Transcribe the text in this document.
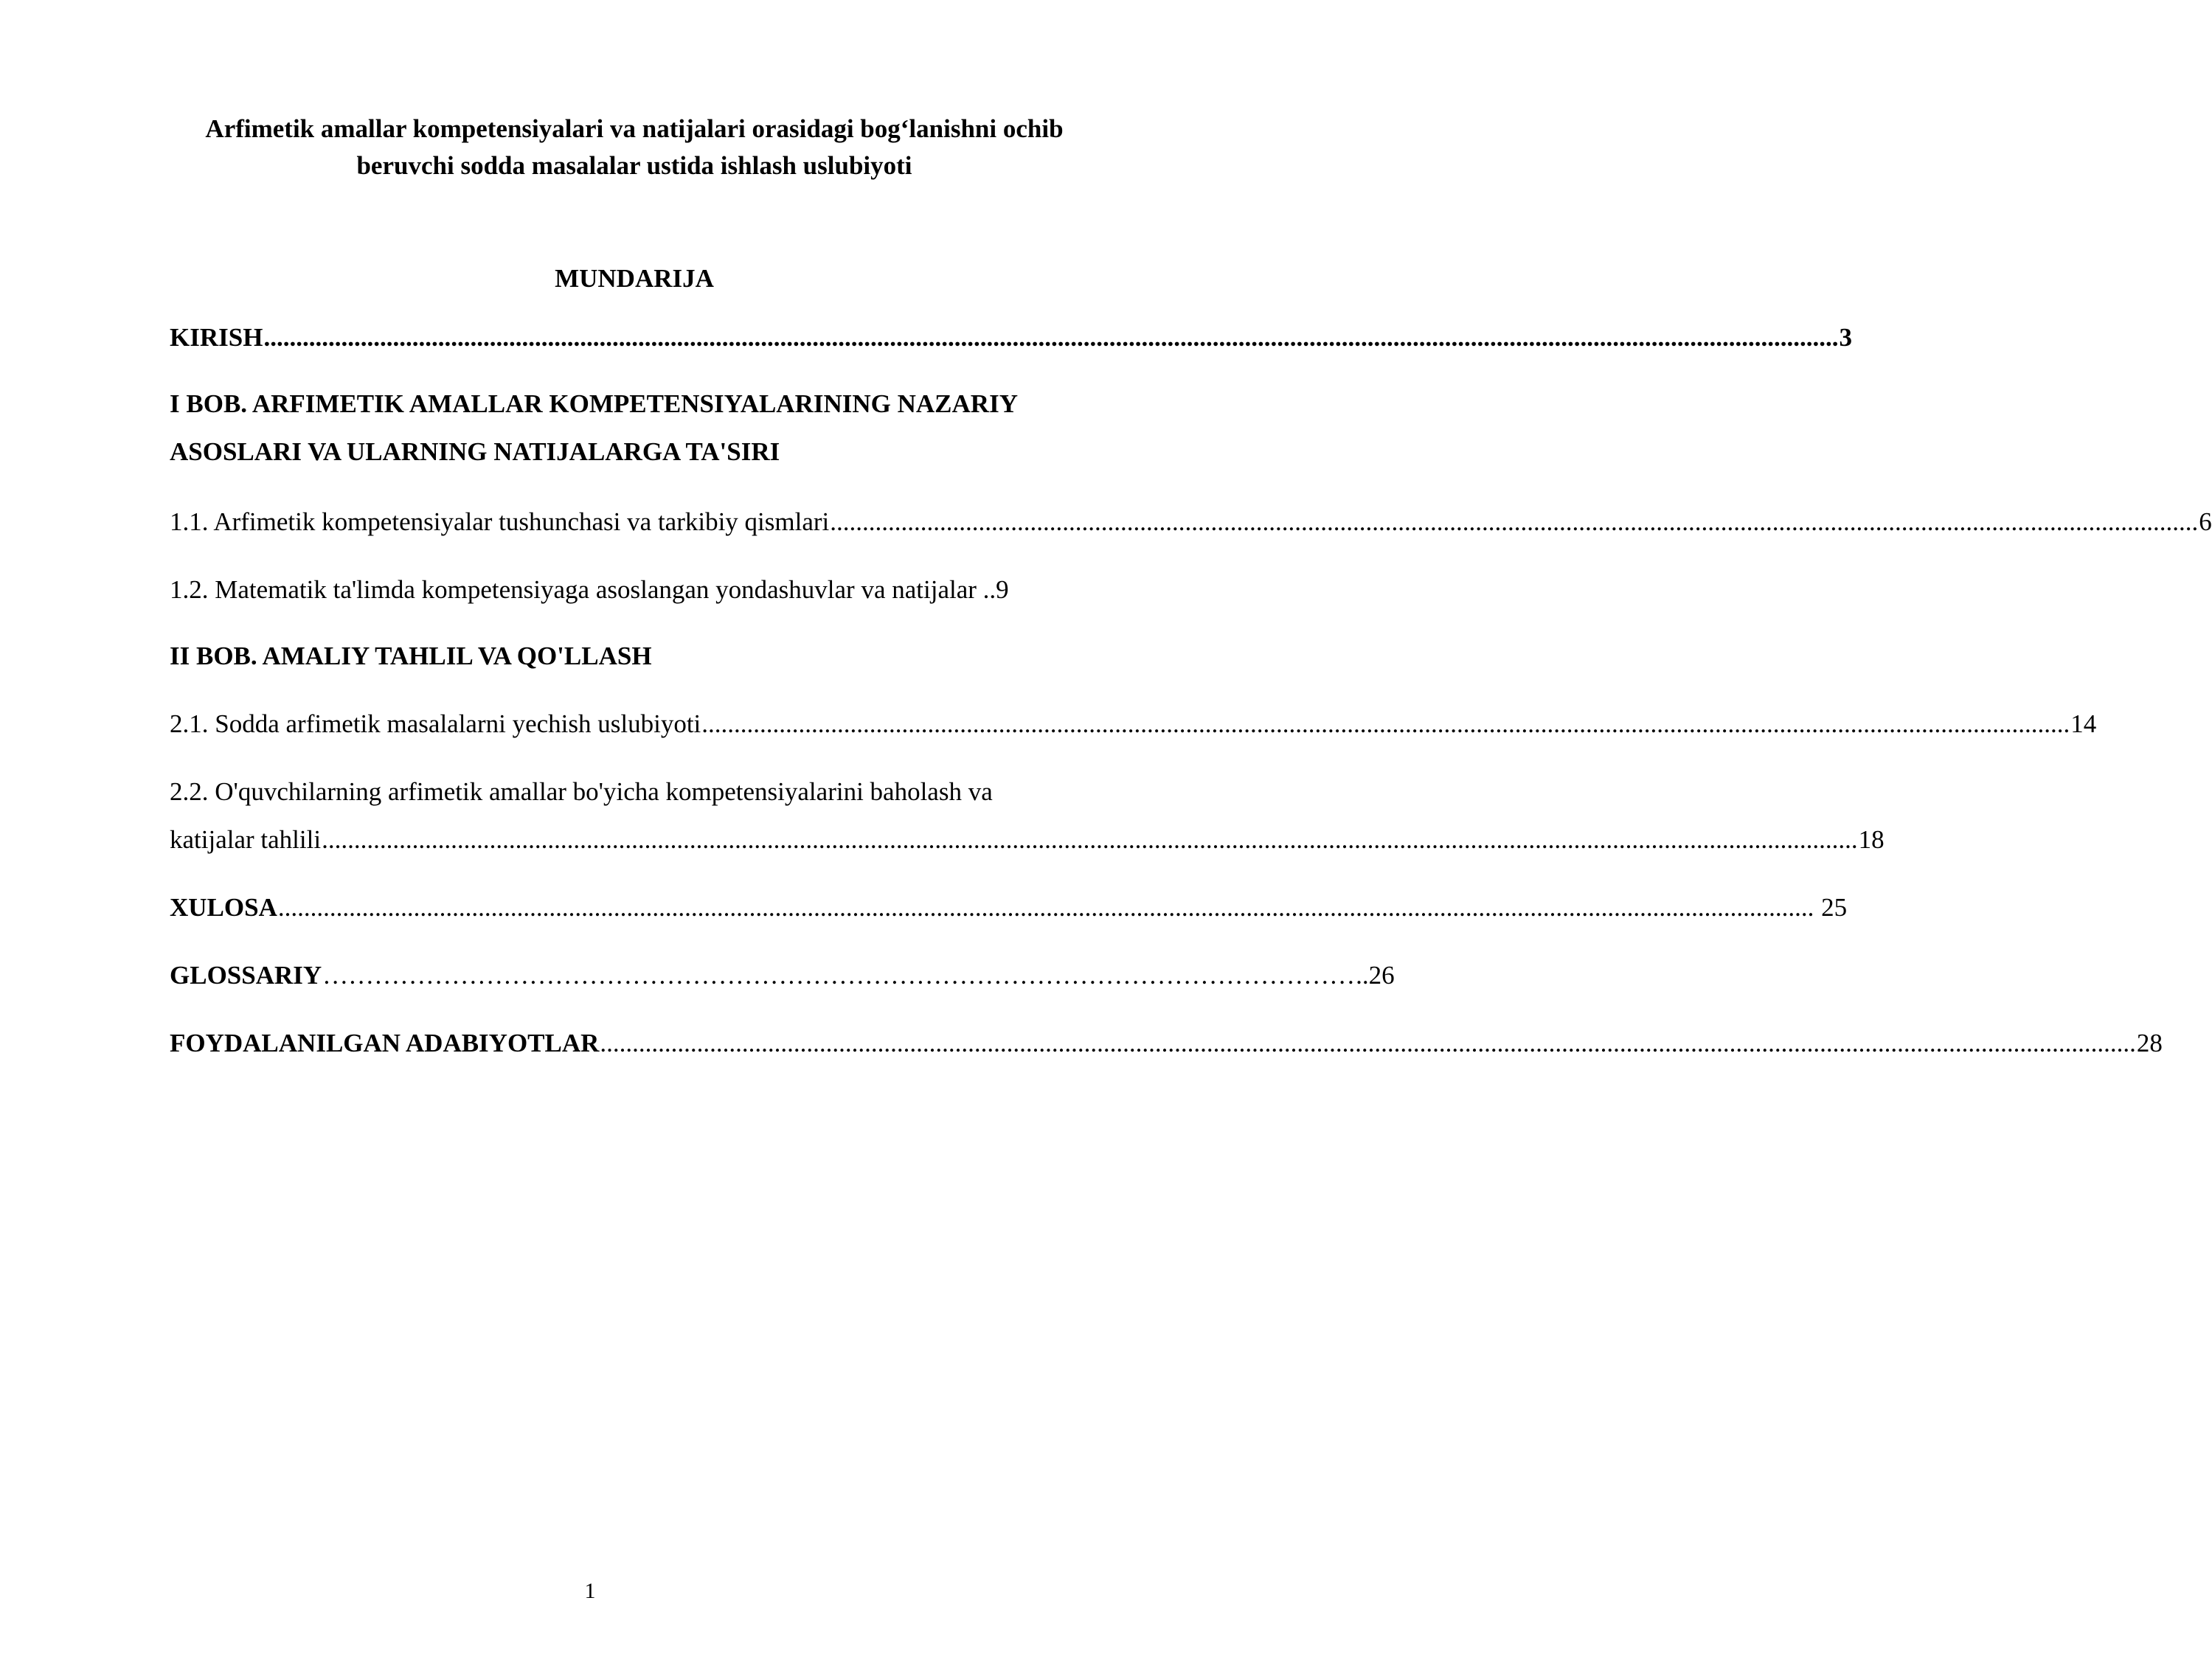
Arfimetik amallar kompetensiyalari va natijalari orasidagi bog‘lanishni ochib
beruvchi sodda masalalar ustida ishlash uslubiyoti
MUNDARIJA
KIRISH .................................................................................................................................................................................................................................................... 3
I BOB. ARFIMETIK AMALLAR KOMPETENSIYALARINING NAZARIY
ASOSLARI VA ULARNING NATIJALARGA TA'SIRI
1.1. Arfimetik kompetensiyalar tushunchasi va tarkibiy qismlari .................................................................................................................................................................................................................... 6
1.2. Matematik ta'limda kompetensiyaga asoslangan yondashuvlar va natijalar .. 9
II BOB. AMALIY TAHLIL VA QO'LLASH
2.1. Sodda arfimetik masalalarni yechish uslubiyoti .................................................................................................................................................................................................................... 14
2.2. O'quvchilarning arfimetik amallar bo'yicha kompetensiyalarini baholash va
katijalar tahlili .............................................................................................................................................................................................................................................. 18
XULOSA .............................................................................................................................................................................................................................................. 25
GLOSSARIY ………………………………………………………………………………………………………… ..26
FOYDALANILGAN ADABIYOTLAR .............................................................................................................................................................................................................................................. 28
1
